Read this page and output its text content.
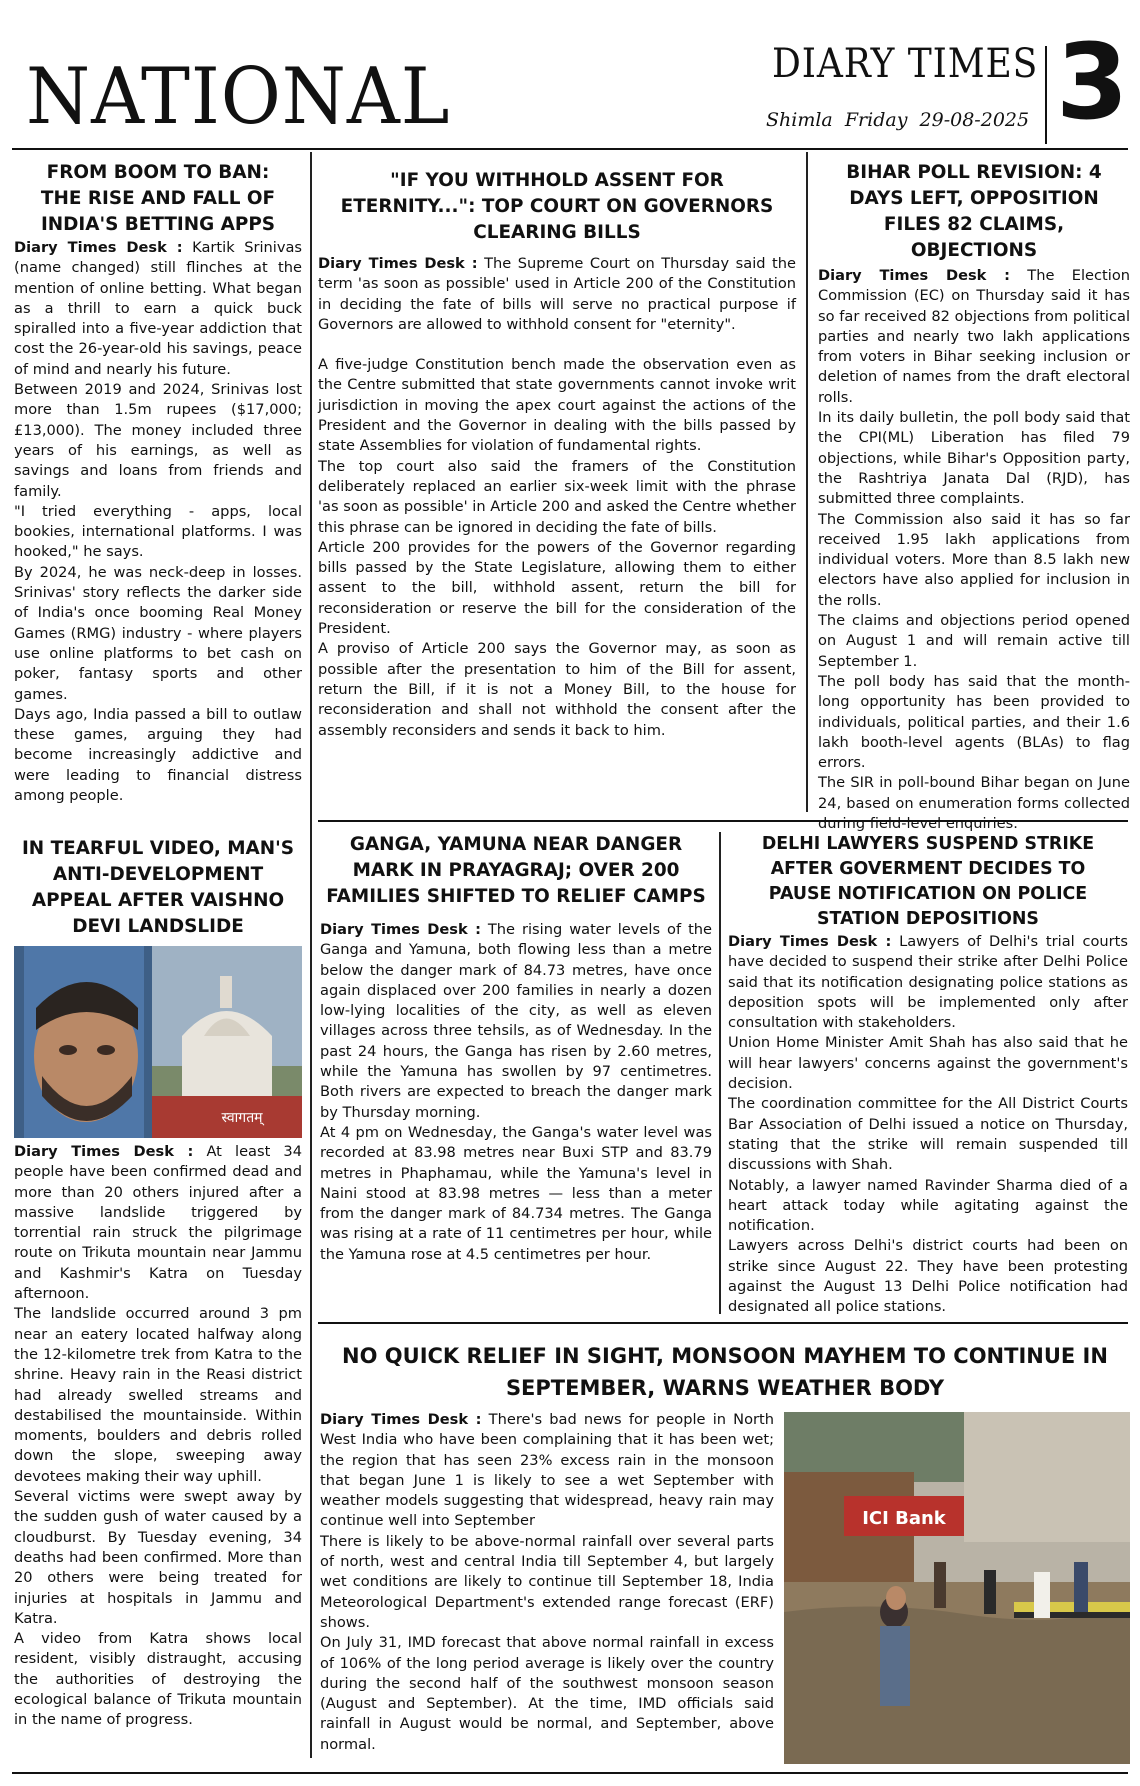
NATIONAL	DIARY TIMES
Shimla Friday 29-08-2025 3
FROM BOOM TO BAN: THE RISE AND FALL OF INDIA'S BETTING APPS

Diary Times Desk : Kartik Srinivas (name changed) still flinches at the mention of online betting. What began as a thrill to earn a quick buck spiralled into a five-year addiction that cost the 26-year-old his savings, peace of mind and nearly his future.

Between 2019 and 2024, Srinivas lost more than 1.5m rupees ($17,000; £13,000). The money included three years of his earnings, as well as savings and loans from friends and family.

"I tried everything - apps, local bookies, international platforms. I was hooked," he says.

By 2024, he was neck-deep in losses. Srinivas' story reflects the darker side of India's once booming Real Money Games (RMG) industry - where players use online platforms to bet cash on poker, fantasy sports and other games.

Days ago, India passed a bill to outlaw these games, arguing they had become increasingly addictive and were leading to financial distress among people.

"IF YOU WITHHOLD ASSENT FOR ETERNITY...": TOP COURT ON GOVERNORS CLEARING BILLS

Diary Times Desk : The Supreme Court on Thursday said the term 'as soon as possible' used in Article 200 of the Constitution in deciding the fate of bills will serve no practical purpose if Governors are allowed to withhold consent for "eternity".

A five-judge Constitution bench made the observation even as the Centre submitted that state governments cannot invoke writ jurisdiction in moving the apex court against the actions of the President and the Governor in dealing with the bills passed by state Assemblies for violation of fundamental rights.

The top court also said the framers of the Constitution deliberately replaced an earlier six-week limit with the phrase 'as soon as possible' in Article 200 and asked the Centre whether this phrase can be ignored in deciding the fate of bills.

Article 200 provides for the powers of the Governor regarding bills passed by the State Legislature, allowing them to either assent to the bill, withhold assent, return the bill for reconsideration or reserve the bill for the consideration of the President.

A proviso of Article 200 says the Governor may, as soon as possible after the presentation to him of the Bill for assent, return the Bill, if it is not a Money Bill, to the house for reconsideration and shall not withhold the consent after the assembly reconsiders and sends it back to him.

BIHAR POLL REVISION: 4 DAYS LEFT, OPPOSITION FILES 82 CLAIMS, OBJECTIONS

Diary Times Desk : The Election Commission (EC) on Thursday said it has so far received 82 objections from political parties and nearly two lakh applications from voters in Bihar seeking inclusion or deletion of names from the draft electoral rolls.

In its daily bulletin, the poll body said that the CPI(ML) Liberation has filed 79 objections, while Bihar's Opposition party, the Rashtriya Janata Dal (RJD), has submitted three complaints.

The Commission also said it has so far received 1.95 lakh applications from individual voters. More than 8.5 lakh new electors have also applied for inclusion in the rolls.

The claims and objections period opened on August 1 and will remain active till September 1.

The poll body has said that the month-long opportunity has been provided to individuals, political parties, and their 1.6 lakh booth-level agents (BLAs) to flag errors.

The SIR in poll-bound Bihar began on June 24, based on enumeration forms collected during field-level enquiries.

IN TEARFUL VIDEO, MAN'S ANTI-DEVELOPMENT APPEAL AFTER VAISHNO DEVI LANDSLIDE
स्वागतम्

Diary Times Desk : At least 34 people have been confirmed dead and more than 20 others injured after a massive landslide triggered by torrential rain struck the pilgrimage route on Trikuta mountain near Jammu and Kashmir's Katra on Tuesday afternoon.

The landslide occurred around 3 pm near an eatery located halfway along the 12-kilometre trek from Katra to the shrine. Heavy rain in the Reasi district had already swelled streams and destabilised the mountainside. Within moments, boulders and debris rolled down the slope, sweeping away devotees making their way uphill.

Several victims were swept away by the sudden gush of water caused by a cloudburst. By Tuesday evening, 34 deaths had been confirmed. More than 20 others were being treated for injuries at hospitals in Jammu and Katra.

A video from Katra shows local resident, visibly distraught, accusing the authorities of destroying the ecological balance of Trikuta mountain in the name of progress.

GANGA, YAMUNA NEAR DANGER MARK IN PRAYAGRAJ; OVER 200 FAMILIES SHIFTED TO RELIEF CAMPS

Diary Times Desk : The rising water levels of the Ganga and Yamuna, both flowing less than a metre below the danger mark of 84.73 metres, have once again displaced over 200 families in nearly a dozen low-lying localities of the city, as well as eleven villages across three tehsils, as of Wednesday. In the past 24 hours, the Ganga has risen by 2.60 metres, while the Yamuna has swollen by 97 centimetres. Both rivers are expected to breach the danger mark by Thursday morning.

At 4 pm on Wednesday, the Ganga's water level was recorded at 83.98 metres near Buxi STP and 83.79 metres in Phaphamau, while the Yamuna's level in Naini stood at 83.98 metres — less than a meter from the danger mark of 84.734 metres. The Ganga was rising at a rate of 11 centimetres per hour, while the Yamuna rose at 4.5 centimetres per hour.

DELHI LAWYERS SUSPEND STRIKE AFTER GOVERMENT DECIDES TO PAUSE NOTIFICATION ON POLICE STATION DEPOSITIONS

Diary Times Desk : Lawyers of Delhi's trial courts have decided to suspend their strike after Delhi Police said that its notification designating police stations as deposition spots will be implemented only after consultation with stakeholders.

Union Home Minister Amit Shah has also said that he will hear lawyers' concerns against the government's decision.

The coordination committee for the All District Courts Bar Association of Delhi issued a notice on Thursday, stating that the strike will remain suspended till discussions with Shah.

Notably, a lawyer named Ravinder Sharma died of a heart attack today while agitating against the notification.

Lawyers across Delhi's district courts had been on strike since August 22. They have been protesting against the August 13 Delhi Police notification had designated all police stations.

NO QUICK RELIEF IN SIGHT, MONSOON MAYHEM TO CONTINUE IN SEPTEMBER, WARNS WEATHER BODY

Diary Times Desk : There's bad news for people in North West India who have been complaining that it has been wet; the region that has seen 23% excess rain in the monsoon that began June 1 is likely to see a wet September with weather models suggesting that widespread, heavy rain may continue well into September

There is likely to be above-normal rainfall over several parts of north, west and central India till September 4, but largely wet conditions are likely to continue till September 18, India Meteorological Department's extended range forecast (ERF) shows.

On July 31, IMD forecast that above normal rainfall in excess of 106% of the long period average is likely over the country during the second half of the southwest monsoon season (August and September). At the time, IMD officials said rainfall in August would be normal, and September, above normal.

ICI Bank
